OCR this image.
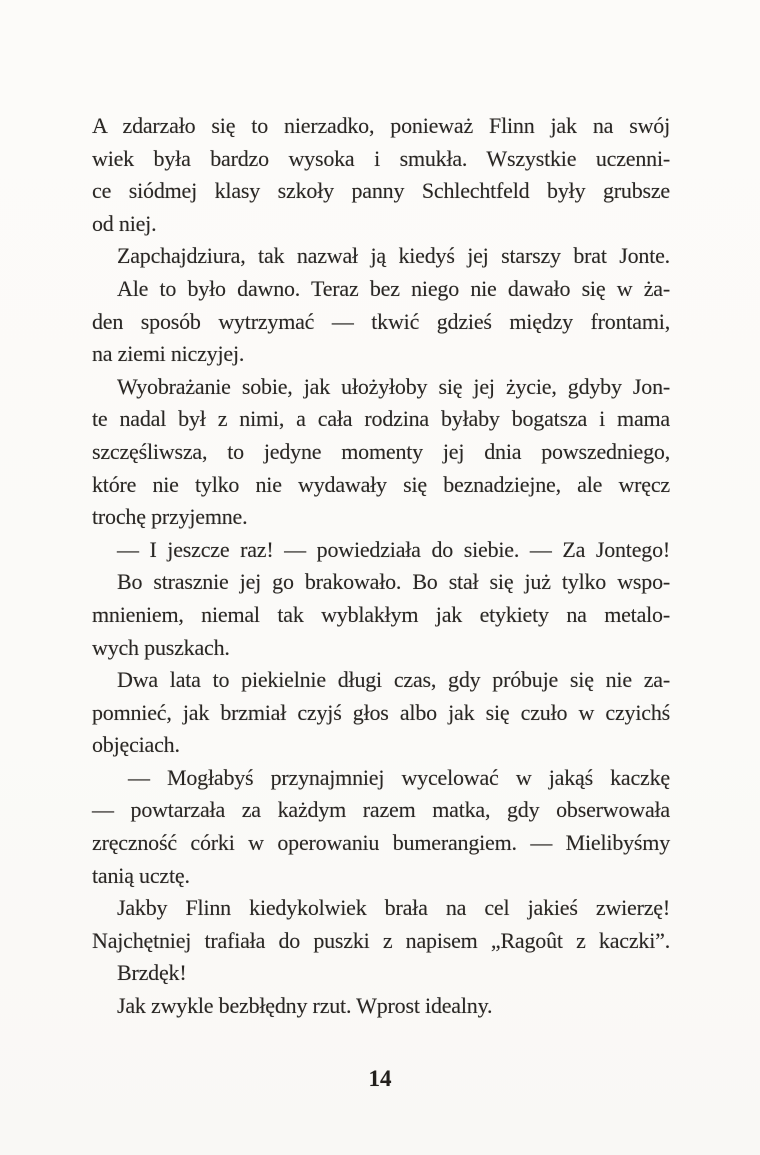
A zdarzało się to nierzadko, ponieważ Flinn jak na swój
wiek była bardzo wysoka i smukła. Wszystkie uczenni-
ce siódmej klasy szkoły panny Schlechtfeld były grubsze
od niej.
Zapchajdziura, tak nazwał ją kiedyś jej starszy brat Jonte.
Ale to było dawno. Teraz bez niego nie dawało się w ża-
den sposób wytrzymać — tkwić gdzieś między frontami,
na ziemi niczyjej.
Wyobrażanie sobie, jak ułożyłoby się jej życie, gdyby Jon-
te nadal był z nimi, a cała rodzina byłaby bogatsza i mama
szczęśliwsza, to jedyne momenty jej dnia powszedniego,
które nie tylko nie wydawały się beznadziejne, ale wręcz
trochę przyjemne.
— I jeszcze raz! — powiedziała do siebie. — Za Jontego!
Bo strasznie jej go brakowało. Bo stał się już tylko wspo-
mnieniem, niemal tak wyblakłym jak etykiety na metalo-
wych puszkach.
Dwa lata to piekielnie długi czas, gdy próbuje się nie za-
pomnieć, jak brzmiał czyjś głos albo jak się czuło w czyichś
objęciach.
— Mogłabyś przynajmniej wycelować w jakąś kaczkę
— powtarzała za każdym razem matka, gdy obserwowała
zręczność córki w operowaniu bumerangiem. — Mielibyśmy
tanią ucztę.
Jakby Flinn kiedykolwiek brała na cel jakieś zwierzę!
Najchętniej trafiała do puszki z napisem „Ragoût z kaczki”.
Brzdęk!
Jak zwykle bezbłędny rzut. Wprost idealny.
14
